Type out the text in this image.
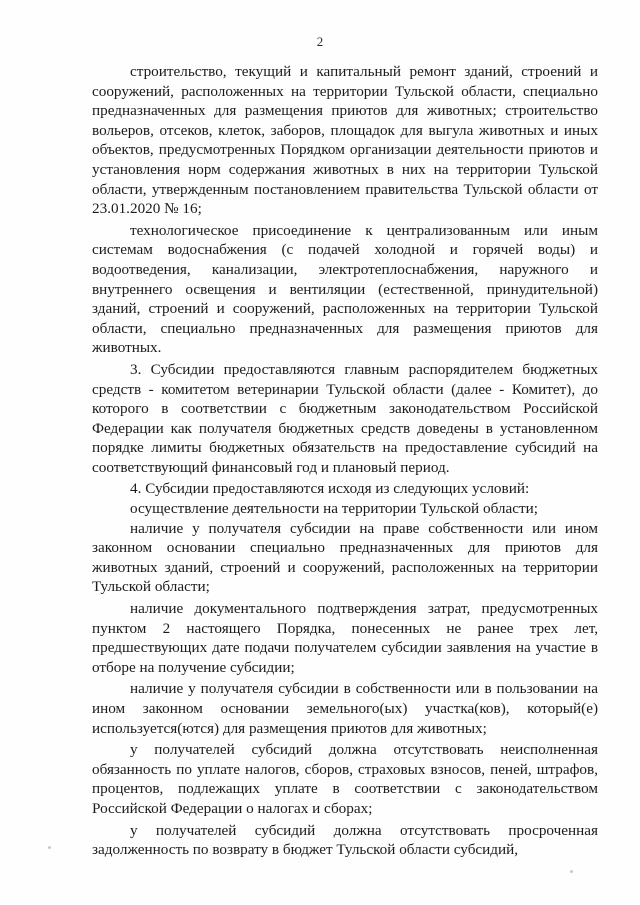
2

строительство, текущий и капитальный ремонт зданий, строений и сооружений, расположенных на территории Тульской области, специально предназначенных для размещения приютов для животных; строительство вольеров, отсеков, клеток, заборов, площадок для выгула животных и иных объектов, предусмотренных Порядком организации деятельности приютов и установления норм содержания животных в них на территории Тульской области, утвержденным постановлением правительства Тульской области от 23.01.2020 № 16;

технологическое присоединение к централизованным или иным системам водоснабжения (с подачей холодной и горячей воды) и водоотведения, канализации, электротеплоснабжения, наружного и внутреннего освещения и вентиляции (естественной, принудительной) зданий, строений и сооружений, расположенных на территории Тульской области, специально предназначенных для размещения приютов для животных.

3. Субсидии предоставляются главным распорядителем бюджетных средств - комитетом ветеринарии Тульской области (далее - Комитет), до которого в соответствии с бюджетным законодательством Российской Федерации как получателя бюджетных средств доведены в установленном порядке лимиты бюджетных обязательств на предоставление субсидий на соответствующий финансовый год и плановый период.

4. Субсидии предоставляются исходя из следующих условий:

осуществление деятельности на территории Тульской области;

наличие у получателя субсидии на праве собственности или ином законном основании специально предназначенных для приютов для животных зданий, строений и сооружений, расположенных на территории Тульской области;

наличие документального подтверждения затрат, предусмотренных пунктом 2 настоящего Порядка, понесенных не ранее трех лет, предшествующих дате подачи получателем субсидии заявления на участие в отборе на получение субсидии;

наличие у получателя субсидии в собственности или в пользовании на ином законном основании земельного(ых) участка(ков), который(е) используется(ются) для размещения приютов для животных;

у получателей субсидий должна отсутствовать неисполненная обязанность по уплате налогов, сборов, страховых взносов, пеней, штрафов, процентов, подлежащих уплате в соответствии с законодательством Российской Федерации о налогах и сборах;

у получателей субсидий должна отсутствовать просроченная задолженность по возврату в бюджет Тульской области субсидий,
